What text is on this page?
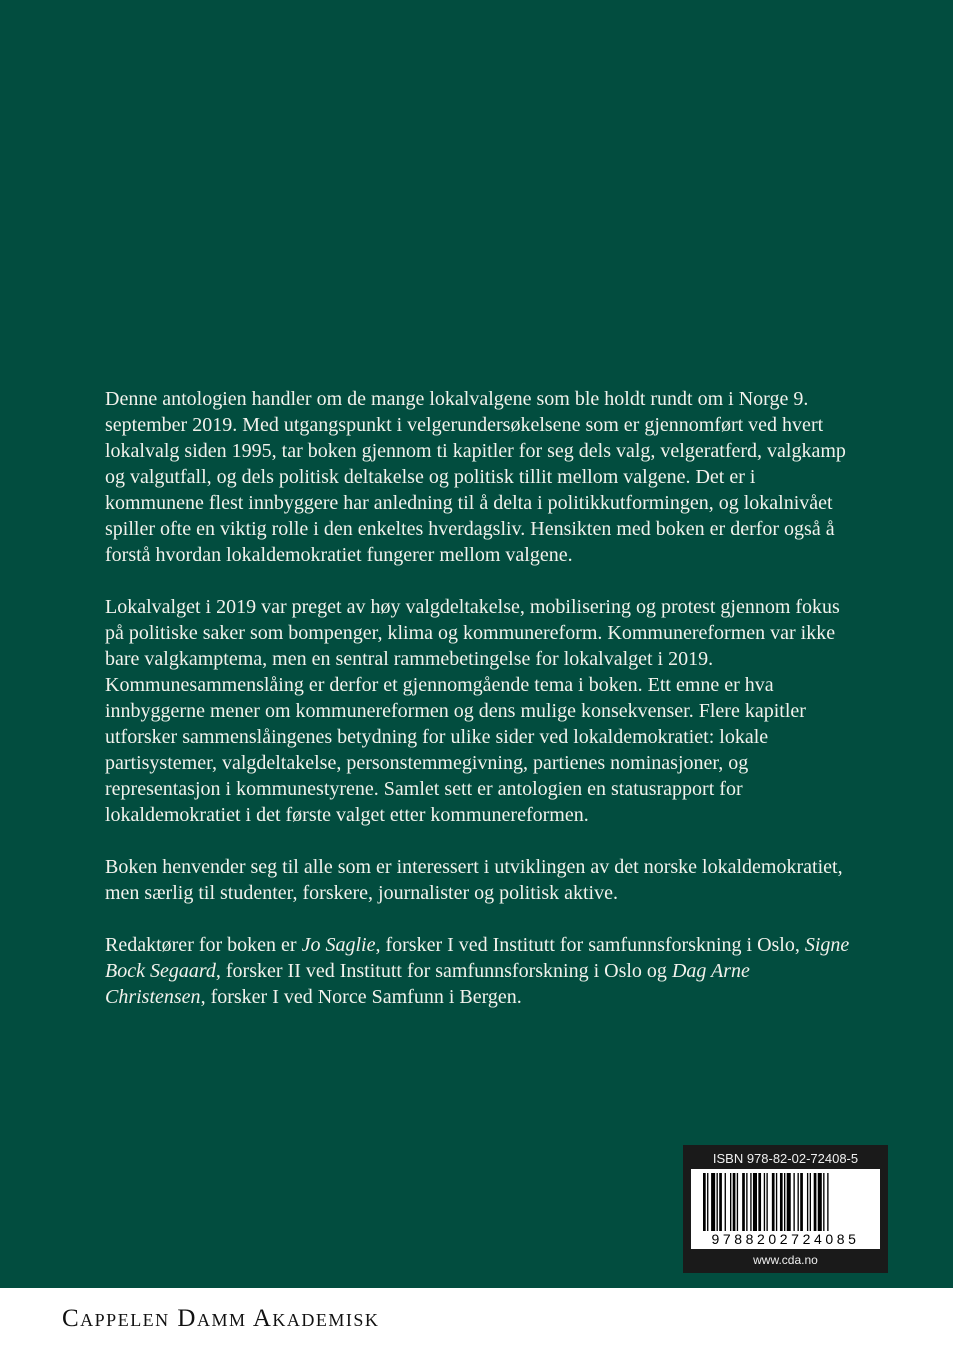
Denne antologien handler om de mange lokalvalgene som ble holdt rundt om i Norge 9. september 2019. Med utgangspunkt i velgerundersøkelsene som er gjennomført ved hvert lokalvalg siden 1995, tar boken gjennom ti kapitler for seg dels valg, velgeratferd, valgkamp og valgutfall, og dels politisk deltakelse og politisk tillit mellom valgene. Det er i kommunene flest innbyggere har anledning til å delta i politikkutformingen, og lokalnivået spiller ofte en viktig rolle i den enkeltes hverdagsliv. Hensikten med boken er derfor også å forstå hvordan lokaldemokratiet fungerer mellom valgene.

Lokalvalget i 2019 var preget av høy valgdeltakelse, mobilisering og protest gjennom fokus på politiske saker som bompenger, klima og kommunereform. Kommunereformen var ikke bare valgkamptema, men en sentral rammebetingelse for lokalvalget i 2019. Kommunesammenslåing er derfor et gjennomgående tema i boken. Ett emne er hva innbyggerne mener om kommunereformen og dens mulige konsekvenser. Flere kapitler utforsker sammenslåingenes betydning for ulike sider ved lokaldemokratiet: lokale partisystemer, valgdeltakelse, personstemmegivning, partienes nominasjoner, og representasjon i kommunestyrene. Samlet sett er antologien en statusrapport for lokaldemokratiet i det første valget etter kommunereformen.

Boken henvender seg til alle som er interessert i utviklingen av det norske lokaldemokratiet, men særlig til studenter, forskere, journalister og politisk aktive.

Redaktører for boken er Jo Saglie, forsker I ved Institutt for samfunnsforskning i Oslo, Signe Bock Segaard, forsker II ved Institutt for samfunnsforskning i Oslo og Dag Arne Christensen, forsker I ved Norce Samfunn i Bergen.

ISBN 978-82-02-72408-5
9788202724085
www.cda.no
Cappelen Damm Akademisk
